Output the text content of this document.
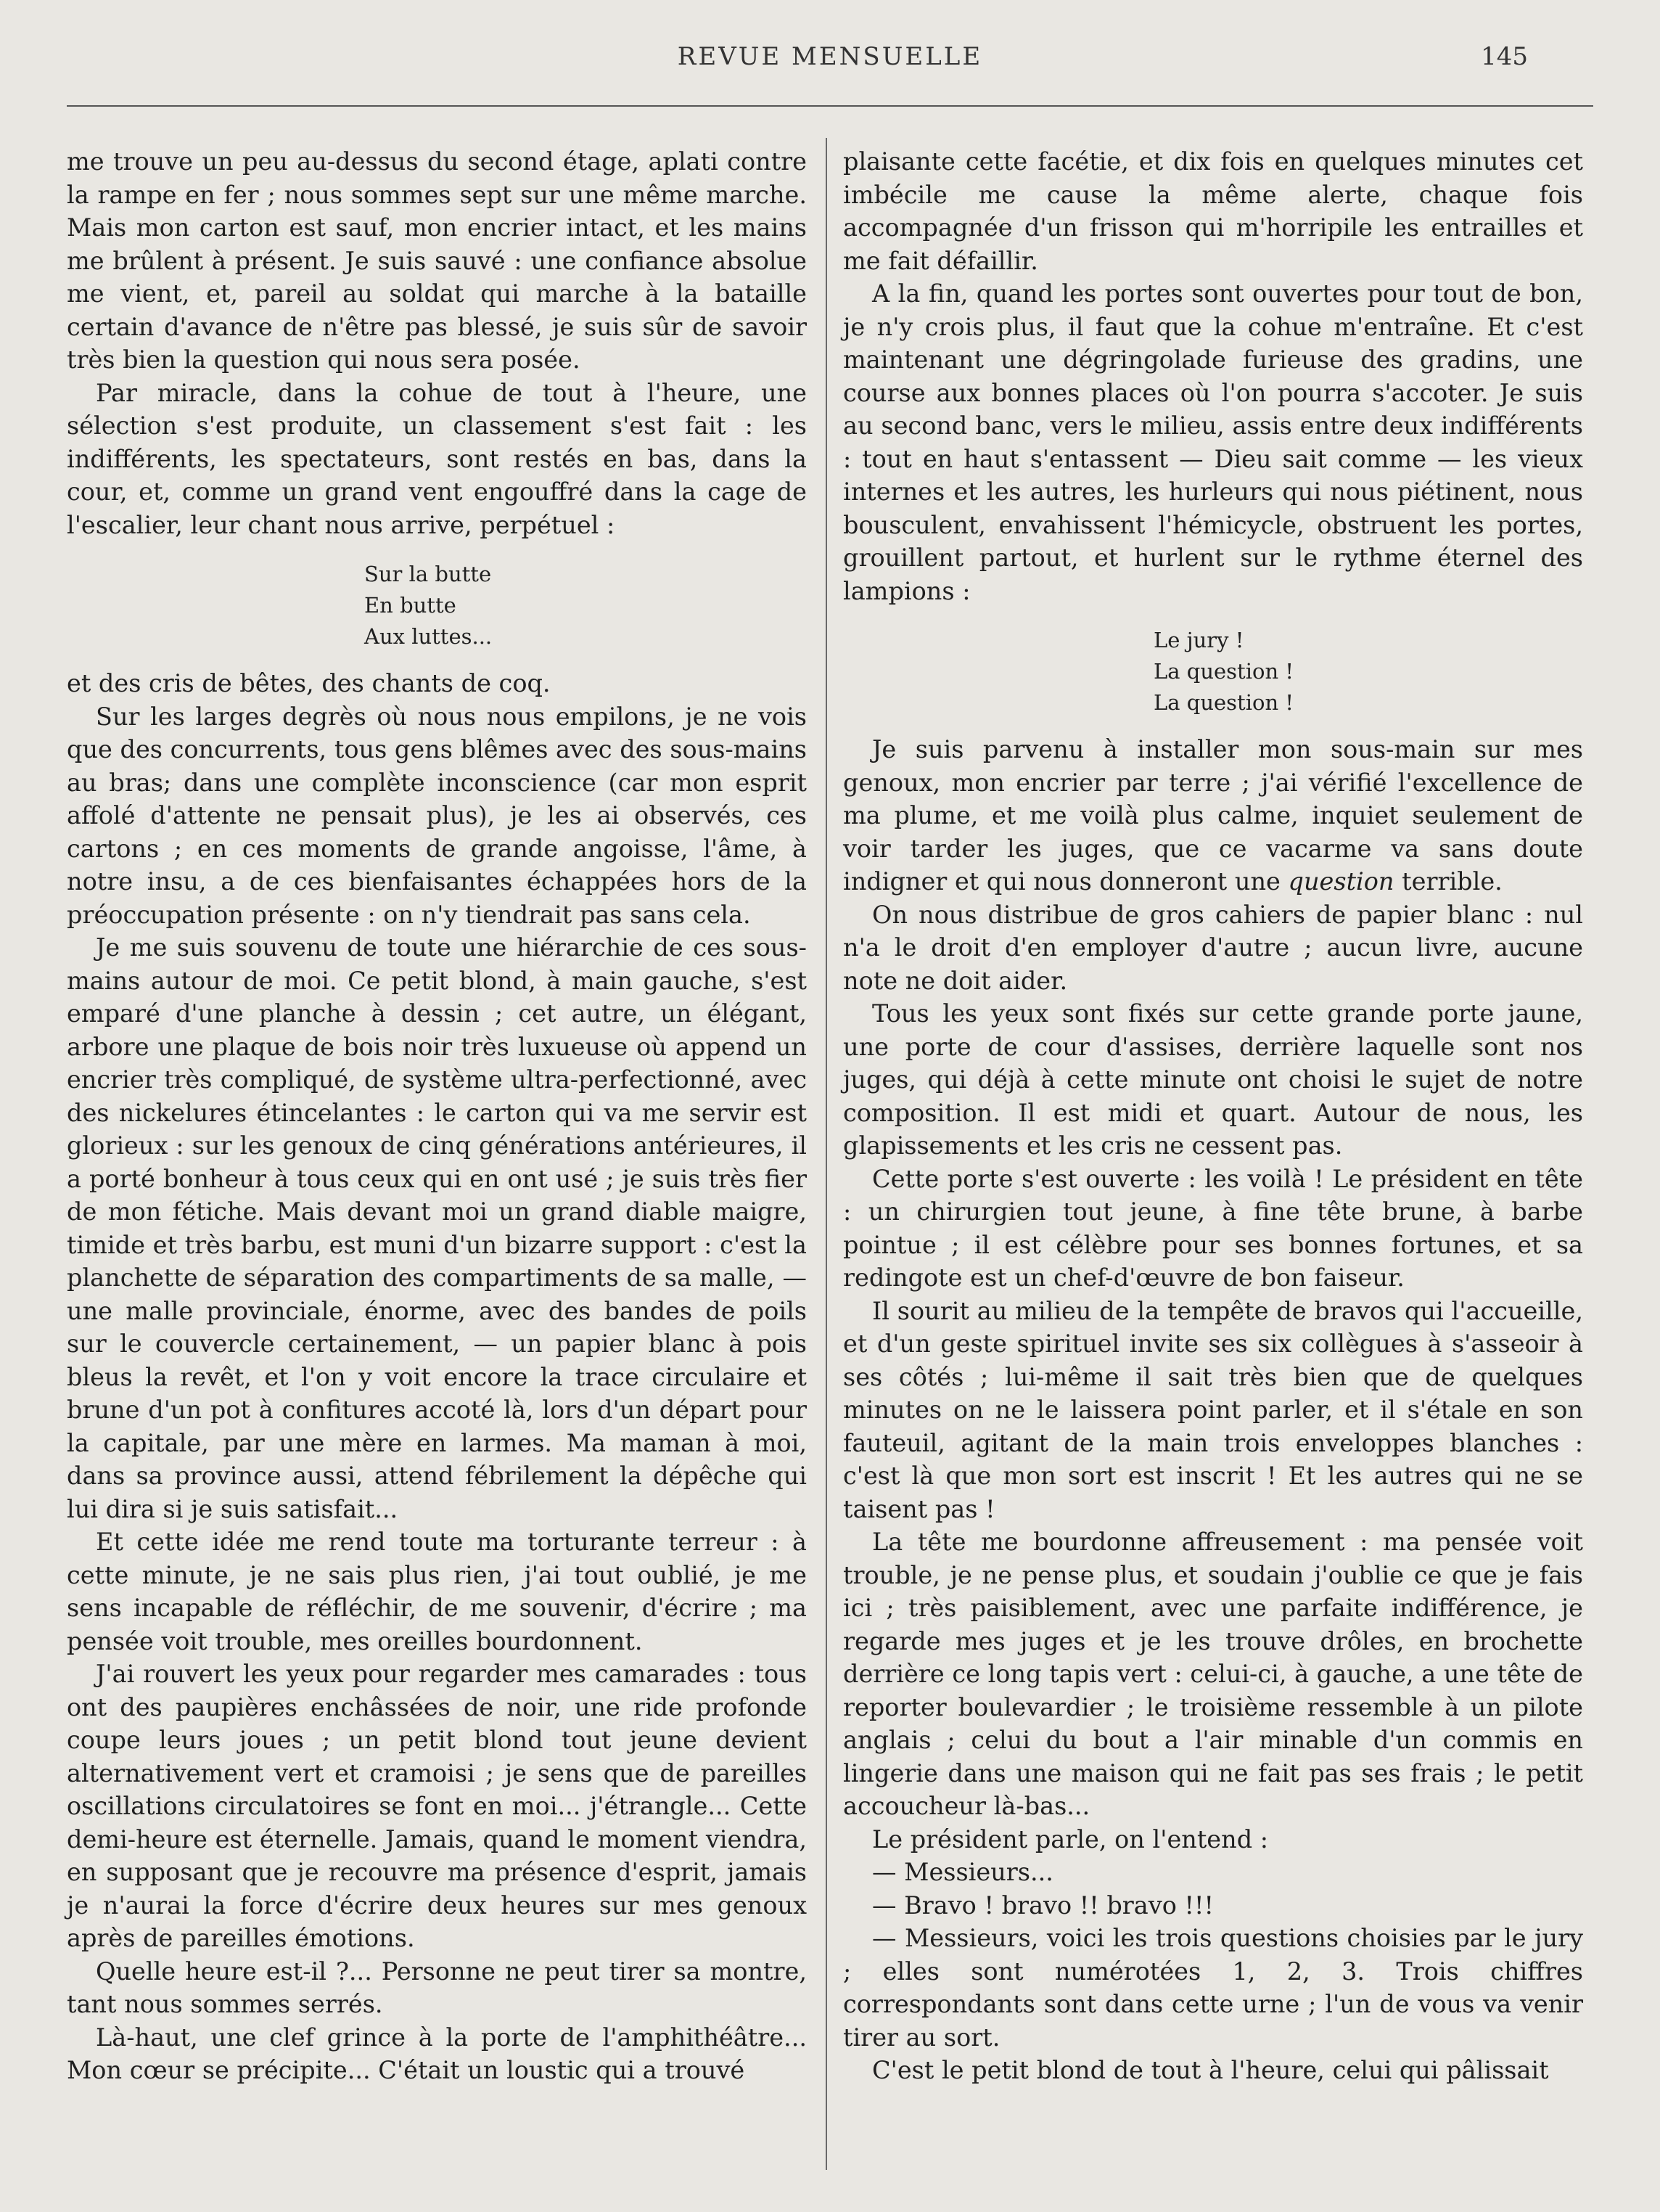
REVUE MENSUELLE	145

me trouve un peu au-dessus du second étage, aplati contre la rampe en fer ; nous sommes sept sur une même marche. Mais mon carton est sauf, mon encrier intact, et les mains me brûlent à présent. Je suis sauvé : une confiance absolue me vient, et, pareil au soldat qui marche à la bataille certain d'avance de n'être pas blessé, je suis sûr de savoir très bien la question qui nous sera posée.

Par miracle, dans la cohue de tout à l'heure, une sélection s'est produite, un classement s'est fait : les indifférents, les spectateurs, sont restés en bas, dans la cour, et, comme un grand vent engouffré dans la cage de l'escalier, leur chant nous arrive, perpétuel :

Sur la butte
En butte
Aux luttes...

et des cris de bêtes, des chants de coq.

Sur les larges degrès où nous nous empilons, je ne vois que des concurrents, tous gens blêmes avec des sous-mains au bras; dans une complète inconscience (car mon esprit affolé d'attente ne pensait plus), je les ai observés, ces cartons ; en ces moments de grande angoisse, l'âme, à notre insu, a de ces bienfaisantes échappées hors de la préoccupation présente : on n'y tiendrait pas sans cela.

Je me suis souvenu de toute une hiérarchie de ces sous-mains autour de moi. Ce petit blond, à main gauche, s'est emparé d'une planche à dessin ; cet autre, un élégant, arbore une plaque de bois noir très luxueuse où append un encrier très compliqué, de système ultra-perfectionné, avec des nickelures étincelantes : le carton qui va me servir est glorieux : sur les genoux de cinq générations antérieures, il a porté bonheur à tous ceux qui en ont usé ; je suis très fier de mon fétiche. Mais devant moi un grand diable maigre, timide et très barbu, est muni d'un bizarre support : c'est la planchette de séparation des compartiments de sa malle, — une malle provinciale, énorme, avec des bandes de poils sur le couvercle certainement, — un papier blanc à pois bleus la revêt, et l'on y voit encore la trace circulaire et brune d'un pot à confitures accoté là, lors d'un départ pour la capitale, par une mère en larmes. Ma maman à moi, dans sa province aussi, attend fébrilement la dépêche qui lui dira si je suis satisfait...

Et cette idée me rend toute ma torturante terreur : à cette minute, je ne sais plus rien, j'ai tout oublié, je me sens incapable de réfléchir, de me souvenir, d'écrire ; ma pensée voit trouble, mes oreilles bourdonnent.

J'ai rouvert les yeux pour regarder mes camarades : tous ont des paupières enchâssées de noir, une ride profonde coupe leurs joues ; un petit blond tout jeune devient alternativement vert et cramoisi ; je sens que de pareilles oscillations circulatoires se font en moi... j'étrangle... Cette demi-heure est éternelle. Jamais, quand le moment viendra, en supposant que je recouvre ma présence d'esprit, jamais je n'aurai la force d'écrire deux heures sur mes genoux après de pareilles émotions.

Quelle heure est-il ?... Personne ne peut tirer sa montre, tant nous sommes serrés.

Là-haut, une clef grince à la porte de l'amphithéâtre... Mon cœur se précipite... C'était un loustic qui a trouvé

plaisante cette facétie, et dix fois en quelques minutes cet imbécile me cause la même alerte, chaque fois accompagnée d'un frisson qui m'horripile les entrailles et me fait défaillir.

A la fin, quand les portes sont ouvertes pour tout de bon, je n'y crois plus, il faut que la cohue m'entraîne. Et c'est maintenant une dégringolade furieuse des gradins, une course aux bonnes places où l'on pourra s'accoter. Je suis au second banc, vers le milieu, assis entre deux indifférents : tout en haut s'entassent — Dieu sait comme — les vieux internes et les autres, les hurleurs qui nous piétinent, nous bousculent, envahissent l'hémicycle, obstruent les portes, grouillent partout, et hurlent sur le rythme éternel des lampions :

Le jury !
La question !
La question !

Je suis parvenu à installer mon sous-main sur mes genoux, mon encrier par terre ; j'ai vérifié l'excellence de ma plume, et me voilà plus calme, inquiet seulement de voir tarder les juges, que ce vacarme va sans doute indigner et qui nous donneront une question terrible.

On nous distribue de gros cahiers de papier blanc : nul n'a le droit d'en employer d'autre ; aucun livre, aucune note ne doit aider.

Tous les yeux sont fixés sur cette grande porte jaune, une porte de cour d'assises, derrière laquelle sont nos juges, qui déjà à cette minute ont choisi le sujet de notre composition. Il est midi et quart. Autour de nous, les glapissements et les cris ne cessent pas.

Cette porte s'est ouverte : les voilà ! Le président en tête : un chirurgien tout jeune, à fine tête brune, à barbe pointue ; il est célèbre pour ses bonnes fortunes, et sa redingote est un chef-d'œuvre de bon faiseur.

Il sourit au milieu de la tempête de bravos qui l'accueille, et d'un geste spirituel invite ses six collègues à s'asseoir à ses côtés ; lui-même il sait très bien que de quelques minutes on ne le laissera point parler, et il s'étale en son fauteuil, agitant de la main trois enveloppes blanches : c'est là que mon sort est inscrit ! Et les autres qui ne se taisent pas !

La tête me bourdonne affreusement : ma pensée voit trouble, je ne pense plus, et soudain j'oublie ce que je fais ici ; très paisiblement, avec une parfaite indifférence, je regarde mes juges et je les trouve drôles, en brochette derrière ce long tapis vert : celui-ci, à gauche, a une tête de reporter boulevardier ; le troisième ressemble à un pilote anglais ; celui du bout a l'air minable d'un commis en lingerie dans une maison qui ne fait pas ses frais ; le petit accoucheur là-bas...

Le président parle, on l'entend :

— Messieurs...

— Bravo ! bravo !! bravo !!!

— Messieurs, voici les trois questions choisies par le jury ; elles sont numérotées 1, 2, 3. Trois chiffres correspondants sont dans cette urne ; l'un de vous va venir tirer au sort.

C'est le petit blond de tout à l'heure, celui qui pâlissait
